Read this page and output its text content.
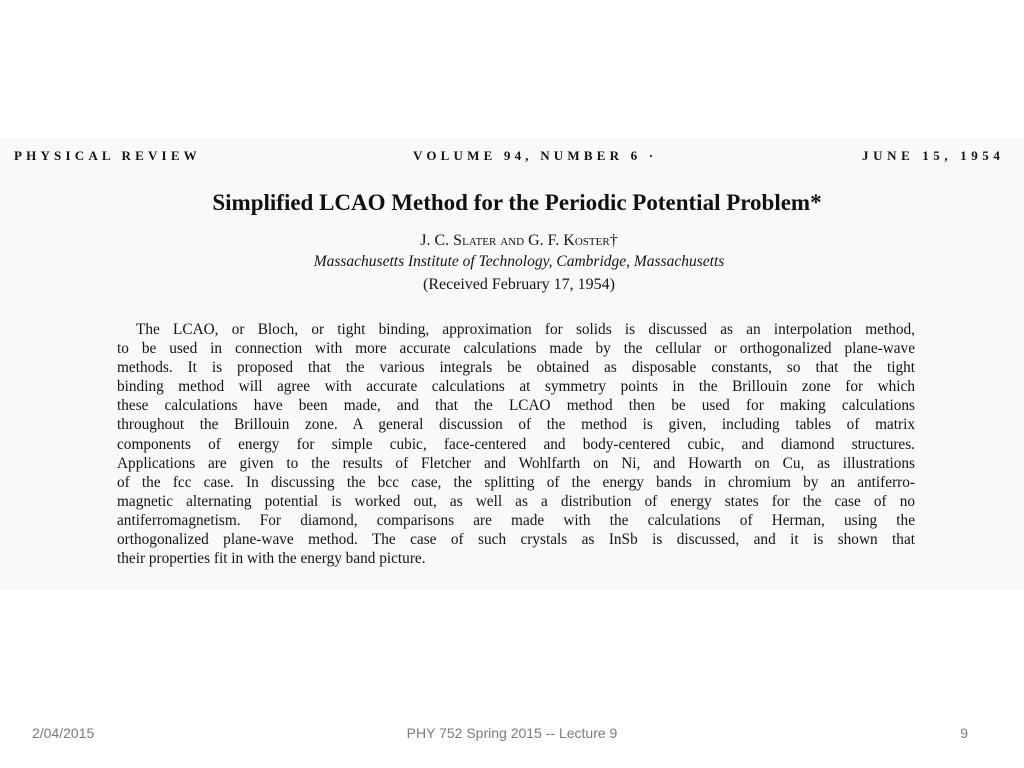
PHYSICAL REVIEW	VOLUME 94, NUMBER 6 ·	JUNE 15, 1954
Simplified LCAO Method for the Periodic Potential Problem*
J. C. Slater and G. F. Koster†
Massachusetts Institute of Technology, Cambridge, Massachusetts
(Received February 17, 1954)
The LCAO, or Bloch, or tight binding, approximation for solids is discussed as an interpolation method,
to be used in connection with more accurate calculations made by the cellular or orthogonalized plane-wave
methods. It is proposed that the various integrals be obtained as disposable constants, so that the tight
binding method will agree with accurate calculations at symmetry points in the Brillouin zone for which
these calculations have been made, and that the LCAO method then be used for making calculations
throughout the Brillouin zone. A general discussion of the method is given, including tables of matrix
components of energy for simple cubic, face-centered and body-centered cubic, and diamond structures.
Applications are given to the results of Fletcher and Wohlfarth on Ni, and Howarth on Cu, as illustrations
of the fcc case. In discussing the bcc case, the splitting of the energy bands in chromium by an antiferro-
magnetic alternating potential is worked out, as well as a distribution of energy states for the case of no
antiferromagnetism. For diamond, comparisons are made with the calculations of Herman, using the
orthogonalized plane-wave method. The case of such crystals as InSb is discussed, and it is shown that
their properties fit in with the energy band picture.
2/04/2015	PHY 752 Spring 2015 -- Lecture 9	9
